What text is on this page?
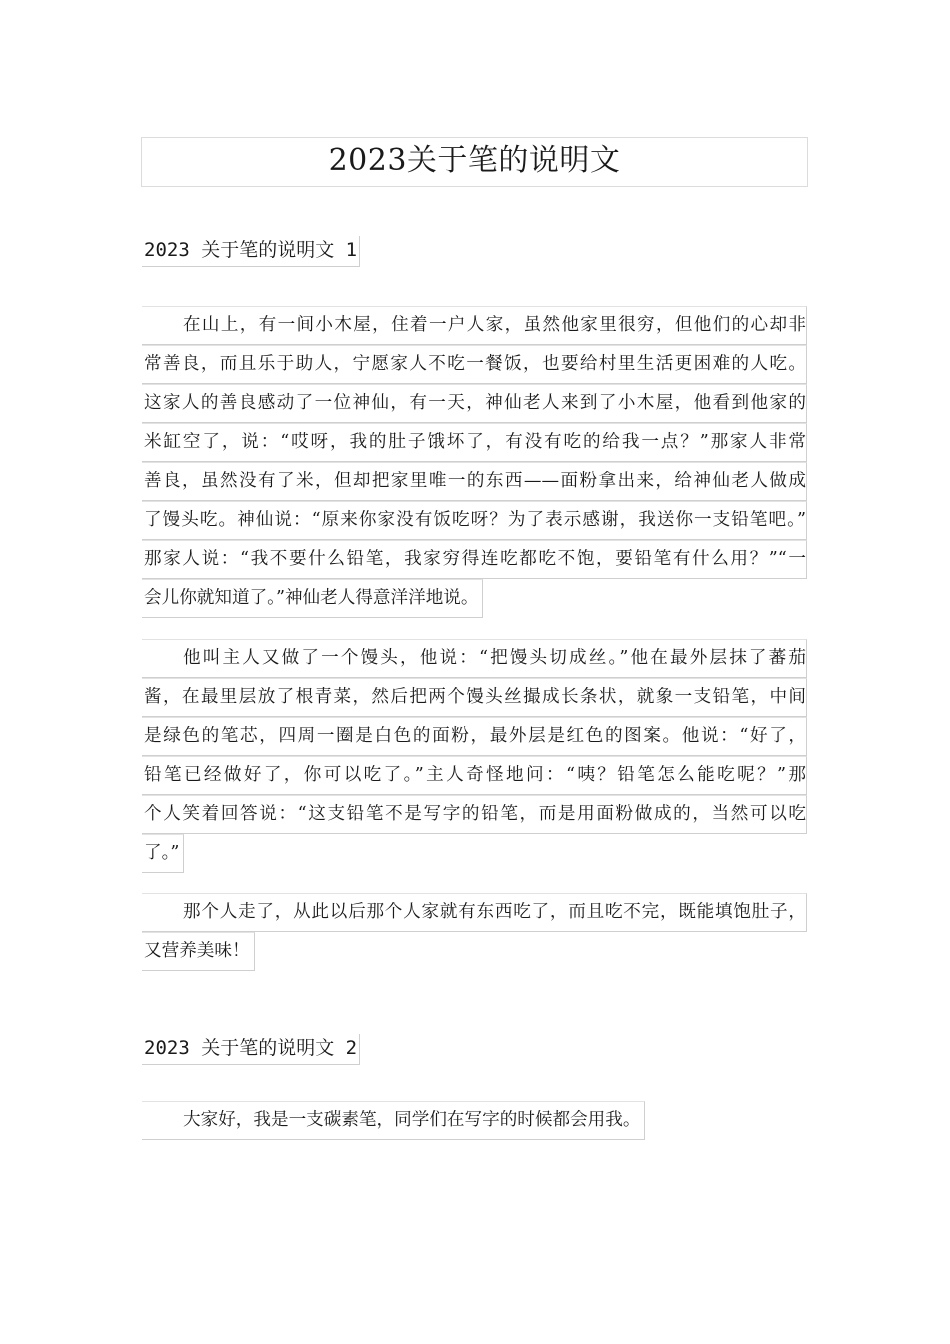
2023关于笔的说明文
2023 关于笔的说明文 1
在山上，有一间小木屋，住着一户人家，虽然他家里很穷，但他们的心却非
常善良，而且乐于助人，宁愿家人不吃一餐饭，也要给村里生活更困难的人吃。
这家人的善良感动了一位神仙，有一天，神仙老人来到了小木屋，他看到他家的
米缸空了，说：“哎呀，我的肚子饿坏了，有没有吃的给我一点？”那家人非常
善良，虽然没有了米，但却把家里唯一的东西——面粉拿出来，给神仙老人做成
了馒头吃。神仙说：“原来你家没有饭吃呀？为了表示感谢，我送你一支铅笔吧。”
那家人说：“我不要什么铅笔，我家穷得连吃都吃不饱，要铅笔有什么用？”“一
会儿你就知道了。”神仙老人得意洋洋地说。
他叫主人又做了一个馒头，他说：“把馒头切成丝。”他在最外层抹了蕃茄
酱，在最里层放了根青菜，然后把两个馒头丝撮成长条状，就象一支铅笔，中间
是绿色的笔芯，四周一圈是白色的面粉，最外层是红色的图案。他说：“好了，
铅笔已经做好了，你可以吃了。”主人奇怪地问：“咦？铅笔怎么能吃呢？”那
个人笑着回答说：“这支铅笔不是写字的铅笔，而是用面粉做成的，当然可以吃
了。”
那个人走了，从此以后那个人家就有东西吃了，而且吃不完，既能填饱肚子，
又营养美味！
2023 关于笔的说明文 2
大家好，我是一支碳素笔，同学们在写字的时候都会用我。
